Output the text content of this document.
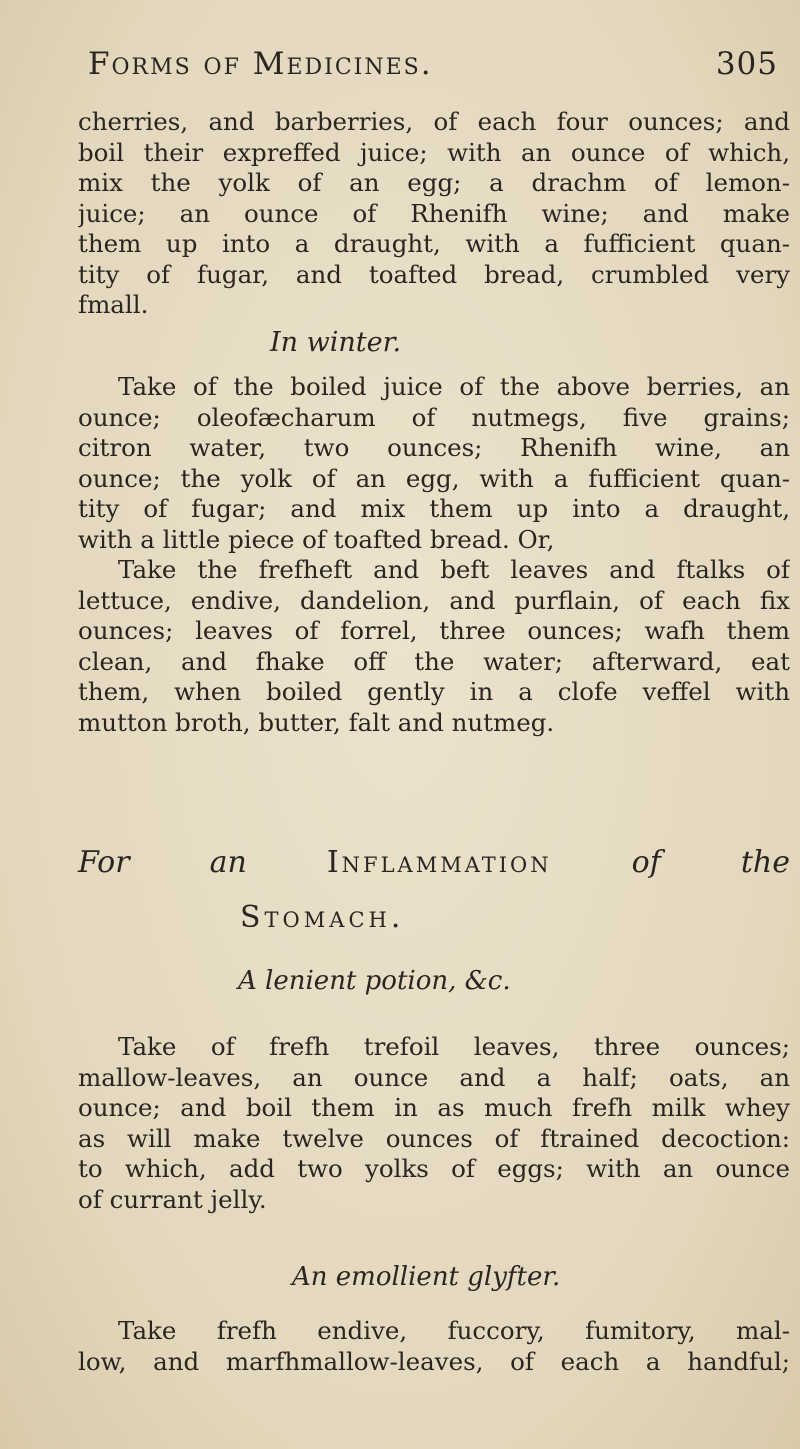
Forms of Medicines.	305
cherries, and barberries, of each four ounces; and
boil their expreffed juice; with an ounce of which,
mix the yolk of an egg; a drachm of lemon-
juice; an ounce of Rhenifh wine; and make
them up into a draught, with a fufficient quan-
tity of fugar, and toafted bread, crumbled very
fmall.
In winter.
Take of the boiled juice of the above berries, an
ounce; oleofæcharum of nutmegs, five grains;
citron water, two ounces; Rhenifh wine, an
ounce; the yolk of an egg, with a fufficient quan-
tity of fugar; and mix them up into a draught,
with a little piece of toafted bread. Or,
Take the frefheft and beft leaves and ftalks of
lettuce, endive, dandelion, and purflain, of each fix
ounces; leaves of forrel, three ounces; wafh them
clean, and fhake off the water; afterward, eat
them, when boiled gently in a clofe veffel with
mutton broth, butter, falt and nutmeg.
For an	Inflammation	of the
Stomach.
A lenient potion, &c.
Take of frefh trefoil leaves, three ounces;
mallow-leaves, an ounce and a half; oats, an
ounce; and boil them in as much frefh milk whey
as will make twelve ounces of ftrained decoction:
to which, add two yolks of eggs; with an ounce
of currant jelly.
An emollient glyfter.
Take frefh endive, fuccory, fumitory, mal-
low, and marfhmallow-leaves, of each a handful;
